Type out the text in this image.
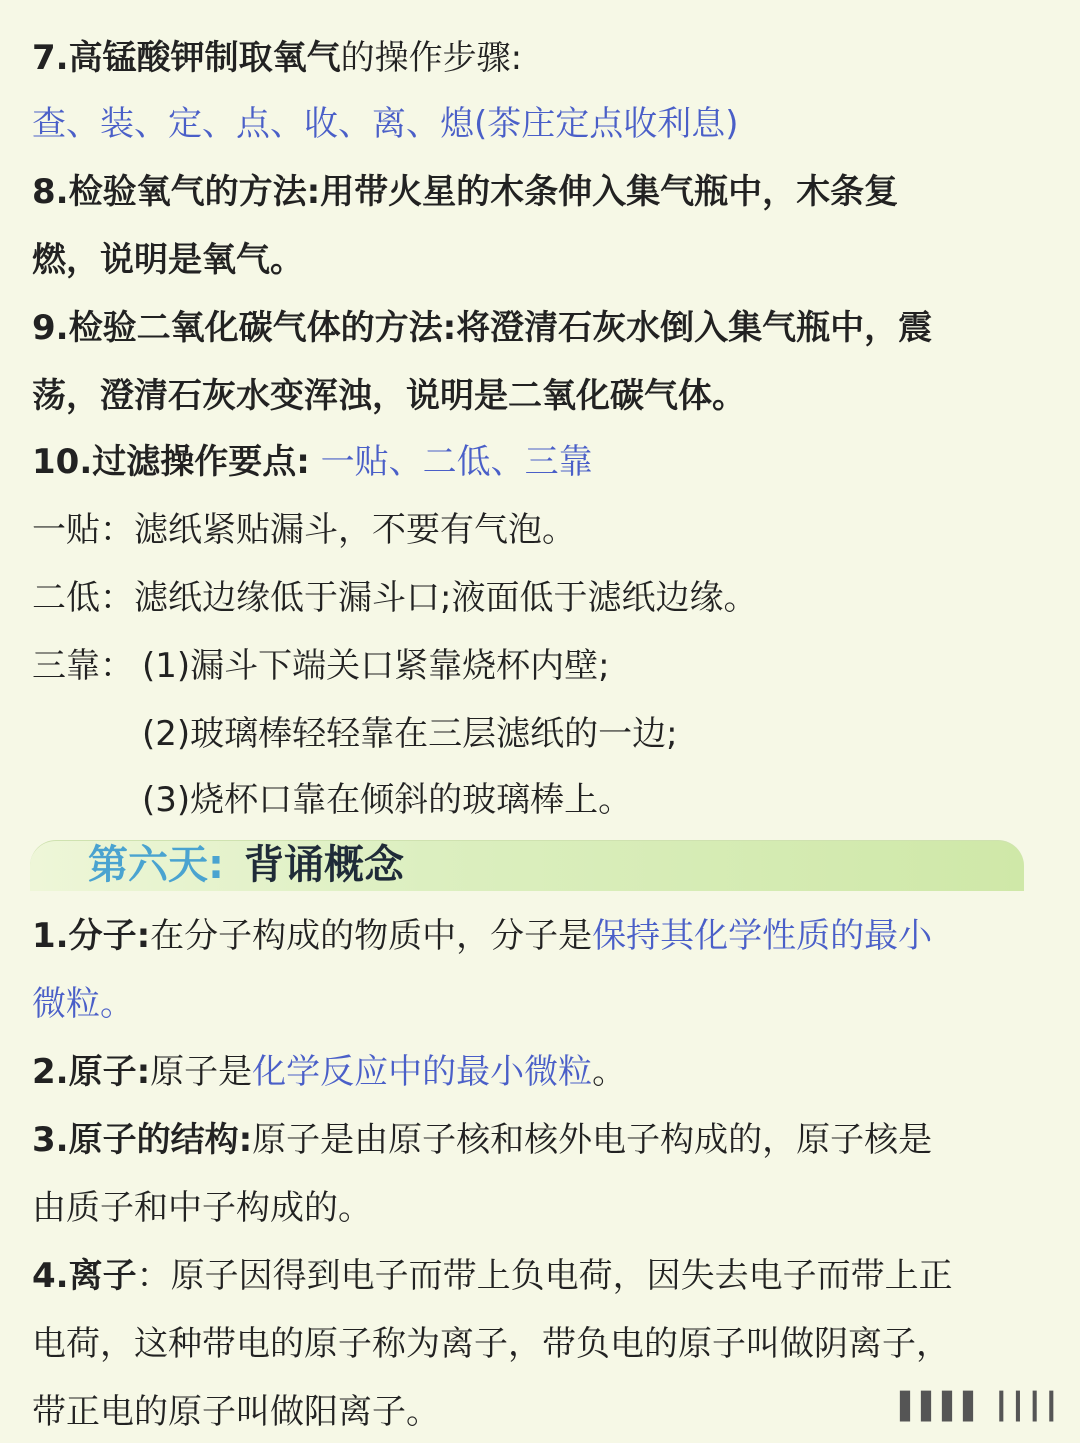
7.高锰酸钾制取氧气的操作步骤:
查、装、定、点、收、离、熄(茶庄定点收利息)
8.检验氧气的方法:用带火星的木条伸入集气瓶中，木条复
燃，说明是氧气。
9.检验二氧化碳气体的方法:将澄清石灰水倒入集气瓶中，震
荡，澄清石灰水变浑浊，说明是二氧化碳气体。
10.过滤操作要点: 一贴、二低、三靠
一贴：滤纸紧贴漏斗，不要有气泡。
二低：滤纸边缘低于漏斗口;液面低于滤纸边缘。
三靠： (1)漏斗下端关口紧靠烧杯内壁;
(2)玻璃棒轻轻靠在三层滤纸的一边;
(3)烧杯口靠在倾斜的玻璃棒上。
第六天: 背诵概念
1.分子:在分子构成的物质中，分子是保持其化学性质的最小
微粒。
2.原子:原子是化学反应中的最小微粒。
3.原子的结构:原子是由原子核和核外电子构成的，原子核是
由质子和中子构成的。
4.离子：原子因得到电子而带上负电荷，因失去电子而带上正
电荷，这种带电的原子称为离子，带负电的原子叫做阴离子，
带正电的原子叫做阳离子。	▌▌▌▌ ┃┃┃┃
